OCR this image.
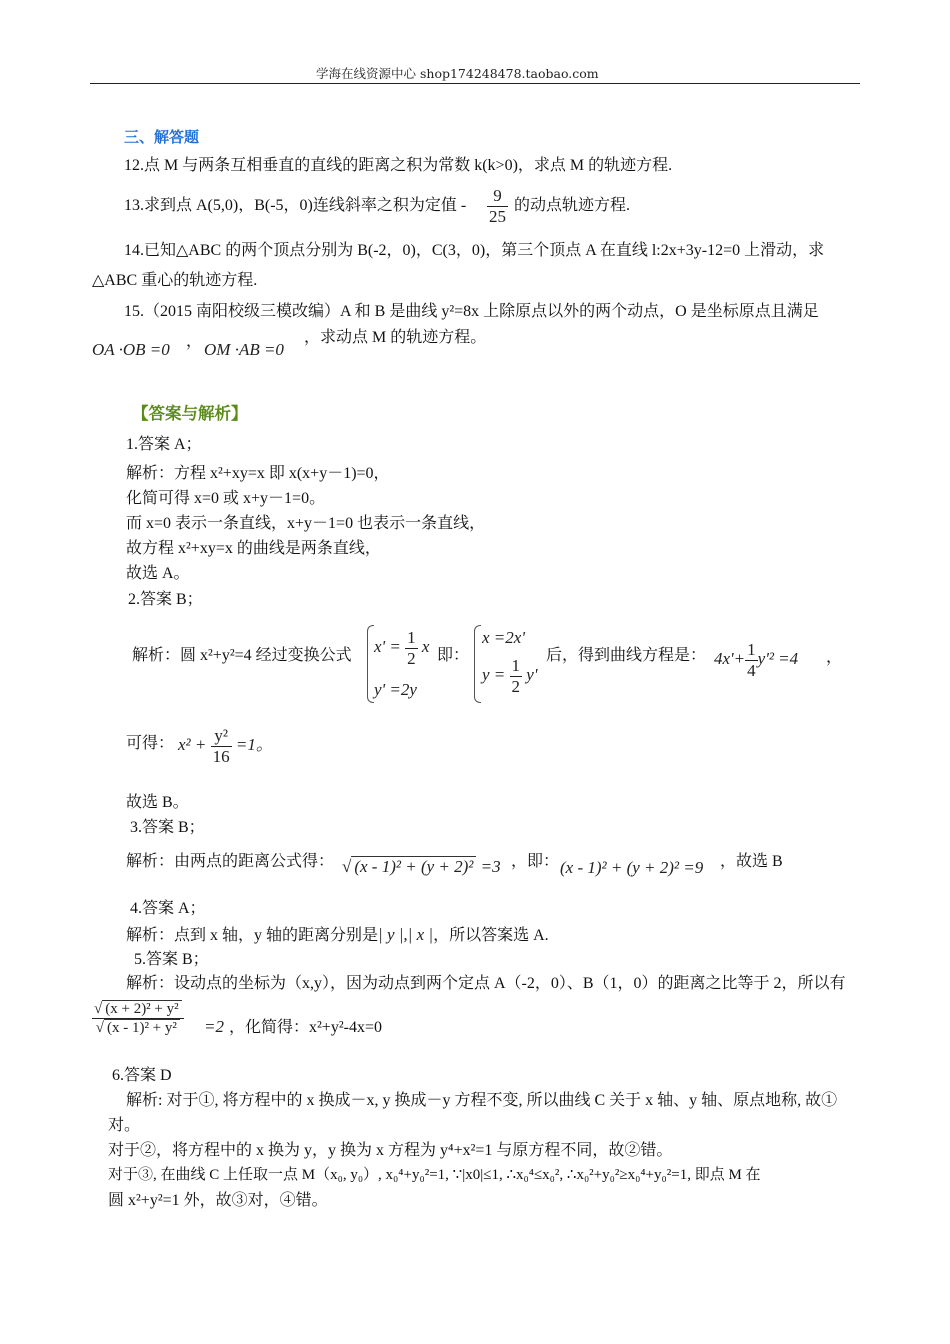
学海在线资源中心 shop174248478.taobao.com
三、解答题
12.点 M 与两条互相垂直的直线的距离之积为常数 k(k>0)，求点 M 的轨迹方程.
13.求到点 A(5,0)，B(-5，0)连线斜率之积为定值 - $\frac{9}{25}$ 的动点轨迹方程.
14.已知△ABC 的两个顶点分别为 B(-2，0)，C(3，0)，第三个顶点 A 在直线 l:2x+3y-12=0 上滑动，求
△ABC 重心的轨迹方程.
15.（2015 南阳校级三模改编）A 和 B 是曲线 y²=8x 上除原点以外的两个动点，O 是坐标原点且满足
OA ·OB =0 ， OM ·AB =0
，求动点 M 的轨迹方程。
【答案与解析】
1.答案 A；
解析：方程 x²+xy=x 即 x(x+y－1)=0，
化简可得 x=0 或 x+y－1=0。
而 x=0 表示一条直线，x+y－1=0 也表示一条直线，
故方程 x²+xy=x 的曲线是两条直线，
故选 A。
2.答案 B；
解析：圆 x²+y²=4 经过变换公式 $x' = \frac{1}{2}$ x
y' =2y
即：
x =2x'
$y = \frac{1}{2} y'$
后，得到曲线方程是： $4x'+ \frac{1}{4} y'^2 =4$ ，
可得： $x^2 + \frac{\text{y²}}{16} =1$。
故选 B。
3.答案 B；
解析：由两点的距离公式得： √ (x - 1)² + (y + 2)² =3 ，即： (x - 1)² + (y + 2)² =9 ，故选 B
4.答案 A；
解析：点到 x 轴，y 轴的距离分别是| y |,| x |，所以答案选 A.
5.答案 B；
解析：设动点的坐标为（x,y），因为动点到两个定点 A（-2，0）、B（1，0）的距离之比等于 2，所以有
$\frac{\text{√ (x + 2)² + y²}}{\text{√ (x - 1)² + y²}} =2$ ，化简得：x²+y²-4x=0
6.答案 D
解析: 对于①, 将方程中的 x 换成－x, y 换成－y 方程不变, 所以曲线 C 关于 x 轴、y 轴、原点地称, 故①
对。
对于②，将方程中的 x 换为 y，y 换为 x 方程为 y⁴+x²=1 与原方程不同，故②错。
对于③, 在曲线 C 上任取一点 M（x₀, y₀）, x₀⁴+y₀²=1, ∵|x0|≤1, ∴x₀⁴≤x₀², ∴x₀²+y₀²≥x₀⁴+y₀²=1, 即点 M 在
圆 x²+y²=1 外，故③对，④错。
